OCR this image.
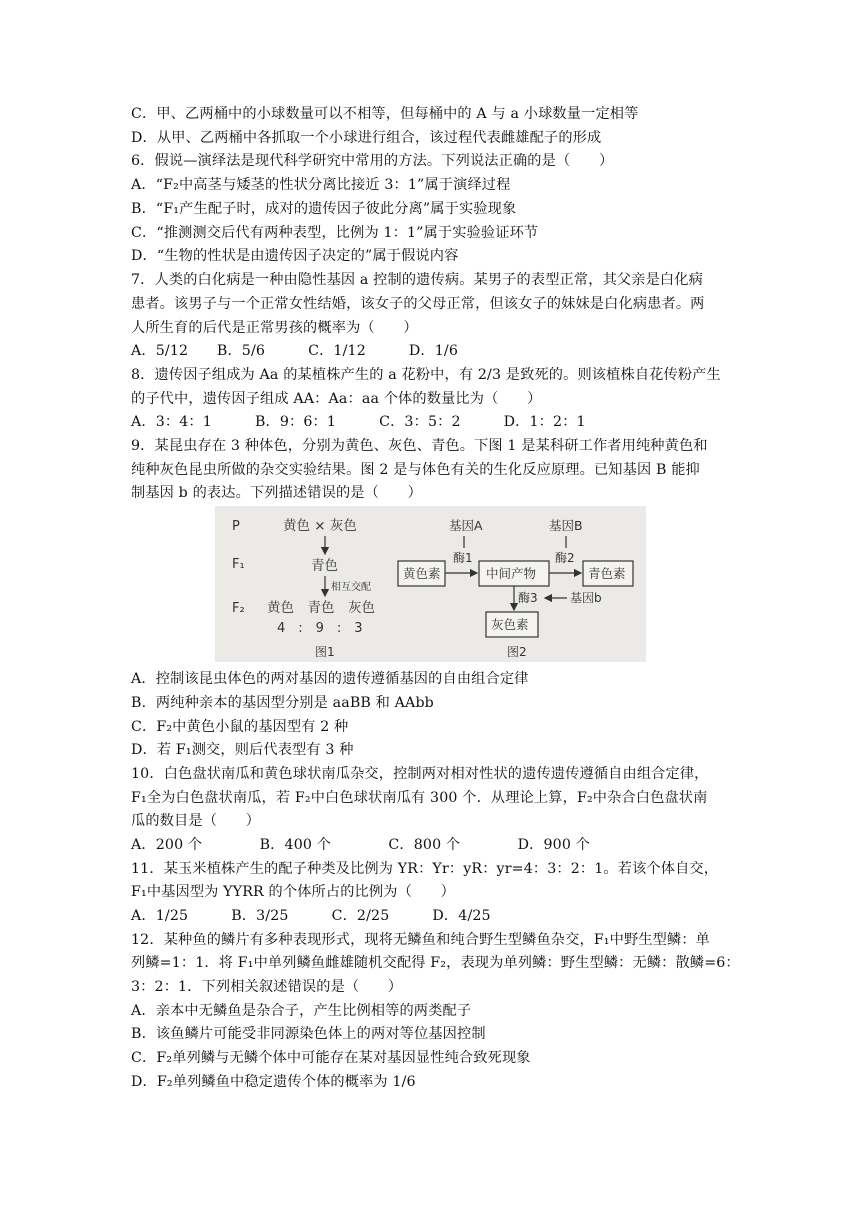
C．甲、乙两桶中的小球数量可以不相等，但每桶中的 A 与 a 小球数量一定相等
D．从甲、乙两桶中各抓取一个小球进行组合，该过程代表雌雄配子的形成
6．假说—演绎法是现代科学研究中常用的方法。下列说法正确的是（　　）
A．“F₂中高茎与矮茎的性状分离比接近 3：1”属于演绎过程
B．“F₁产生配子时，成对的遗传因子彼此分离”属于实验现象
C．“推测测交后代有两种表型，比例为 1：1”属于实验验证环节
D．“生物的性状是由遗传因子决定的”属于假说内容
7．人类的白化病是一种由隐性基因 a 控制的遗传病。某男子的表型正常，其父亲是白化病
患者。该男子与一个正常女性结婚，该女子的父母正常，但该女子的妹妹是白化病患者。两
人所生育的后代是正常男孩的概率为（　　）
A．5/12　　B．5/6　　　C．1/12　　　D．1/6
8．遗传因子组成为 Aa 的某植株产生的 a 花粉中，有 2/3 是致死的。则该植株自花传粉产生
的子代中，遗传因子组成 AA：Aa：aa 个体的数量比为（　　）
A．3：4：1　　　B．9：6：1　　　C．3：5：2　　　D．1：2：1
9．某昆虫存在 3 种体色，分别为黄色、灰色、青色。下图 1 是某科研工作者用纯种黄色和
纯种灰色昆虫所做的杂交实验结果。图 2 是与体色有关的生化反应原理。已知基因 B 能抑
制基因 b 的表达。下列描述错误的是（　　）
P
F₁
F₂
黄色 × 灰色
青色
相互交配
黄色　青色　灰色
4　:　9　:　3
图1
基因A
酶1
基因B
酶2
黄色素	中间产物	青色素
酶3	基因b
灰色素
图2
A．控制该昆虫体色的两对基因的遗传遵循基因的自由组合定律
B．两纯种亲本的基因型分别是 aaBB 和 AAbb
C．F₂中黄色小鼠的基因型有 2 种
D．若 F₁测交，则后代表型有 3 种
10．白色盘状南瓜和黄色球状南瓜杂交，控制两对相对性状的遗传遗传遵循自由组合定律，
F₁全为白色盘状南瓜，若 F₂中白色球状南瓜有 300 个．从理论上算，F₂中杂合白色盘状南
瓜的数目是（　　）
A．200 个　　　　B．400 个　　　　C．800 个　　　　D．900 个
11．某玉米植株产生的配子种类及比例为 YR：Yr：yR：yr=4：3：2：1。若该个体自交，
F₁中基因型为 YYRR 的个体所占的比例为（　　）
A．1/25　　　B．3/25　　　C．2/25　　　D．4/25
12．某种鱼的鳞片有多种表现形式，现将无鳞鱼和纯合野生型鳞鱼杂交，F₁中野生型鳞：单
列鳞=1：1．将 F₁中单列鳞鱼雌雄随机交配得 F₂，表现为单列鳞：野生型鳞：无鳞：散鳞=6：
3：2：1．下列相关叙述错误的是（　　）
A．亲本中无鳞鱼是杂合子，产生比例相等的两类配子
B．该鱼鳞片可能受非同源染色体上的两对等位基因控制
C．F₂单列鳞与无鳞个体中可能存在某对基因显性纯合致死现象
D．F₂单列鳞鱼中稳定遗传个体的概率为 1/6
